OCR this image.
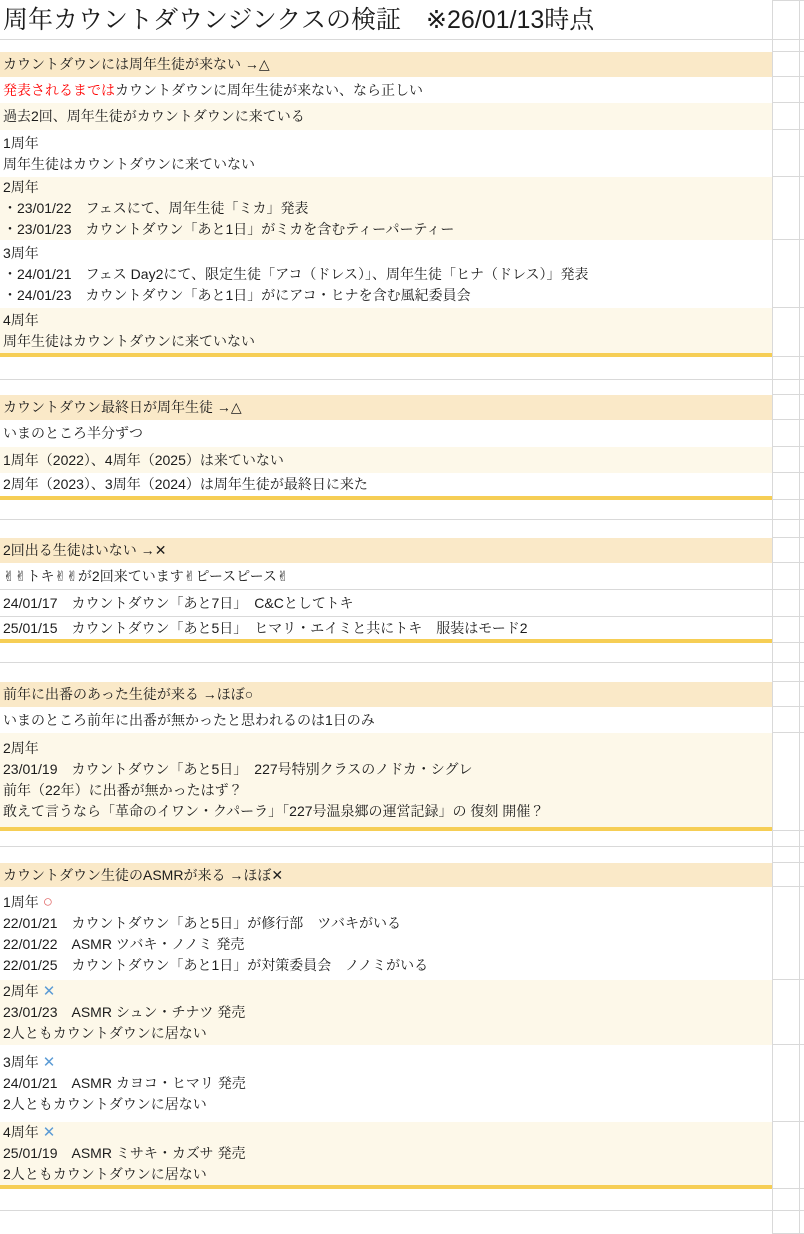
周年カウントダウンジンクスの検証　※26/01/13時点
カウントダウンには周年生徒が来ない →△
発表されるまではカウントダウンに周年生徒が来ない、なら正しい
過去2回、周年生徒がカウントダウンに来ている
1周年
周年生徒はカウントダウンに来ていない
2周年
・23/01/22　フェスにて、周年生徒「ミカ」発表
・23/01/23　カウントダウン「あと1日」がミカを含むティーパーティー
3周年
・24/01/21　フェス Day2にて、限定生徒「アコ（ドレス）」、周年生徒「ヒナ（ドレス）」発表
・24/01/23　カウントダウン「あと1日」がにアコ・ヒナを含む風紀委員会
4周年
周年生徒はカウントダウンに来ていない
カウントダウン最終日が周年生徒 →△
いまのところ半分ずつ
1周年（2022）、4周年（2025）は来ていない
2周年（2023）、3周年（2024）は周年生徒が最終日に来た
2回出る生徒はいない →✕
✌✌トキ✌✌が2回来ています✌ピースピース✌
24/01/17　カウントダウン「あと7日」　C&Cとしてトキ
25/01/15　カウントダウン「あと5日」　ヒマリ・エイミと共にトキ　服装はモード2
前年に出番のあった生徒が来る →ほぼ○
いまのところ前年に出番が無かったと思われるのは1日のみ
2周年
23/01/19　カウントダウン「あと5日」　227号特別クラスのノドカ・シグレ
前年（22年）に出番が無かったはず？
敢えて言うなら「革命のイワン・クパーラ」「227号温泉郷の運営記録」の 復刻 開催？
カウントダウン生徒のASMRが来る →ほぼ✕
1周年 ○
22/01/21　カウントダウン「あと5日」が修行部　ツバキがいる
22/01/22　ASMR ツバキ・ノノミ 発売
22/01/25　カウントダウン「あと1日」が対策委員会　ノノミがいる
2周年 ✕
23/01/23　ASMR シュン・チナツ 発売
2人ともカウントダウンに居ない
3周年 ✕
24/01/21　ASMR カヨコ・ヒマリ 発売
2人ともカウントダウンに居ない
4周年 ✕
25/01/19　ASMR ミサキ・カズサ 発売
2人ともカウントダウンに居ない
